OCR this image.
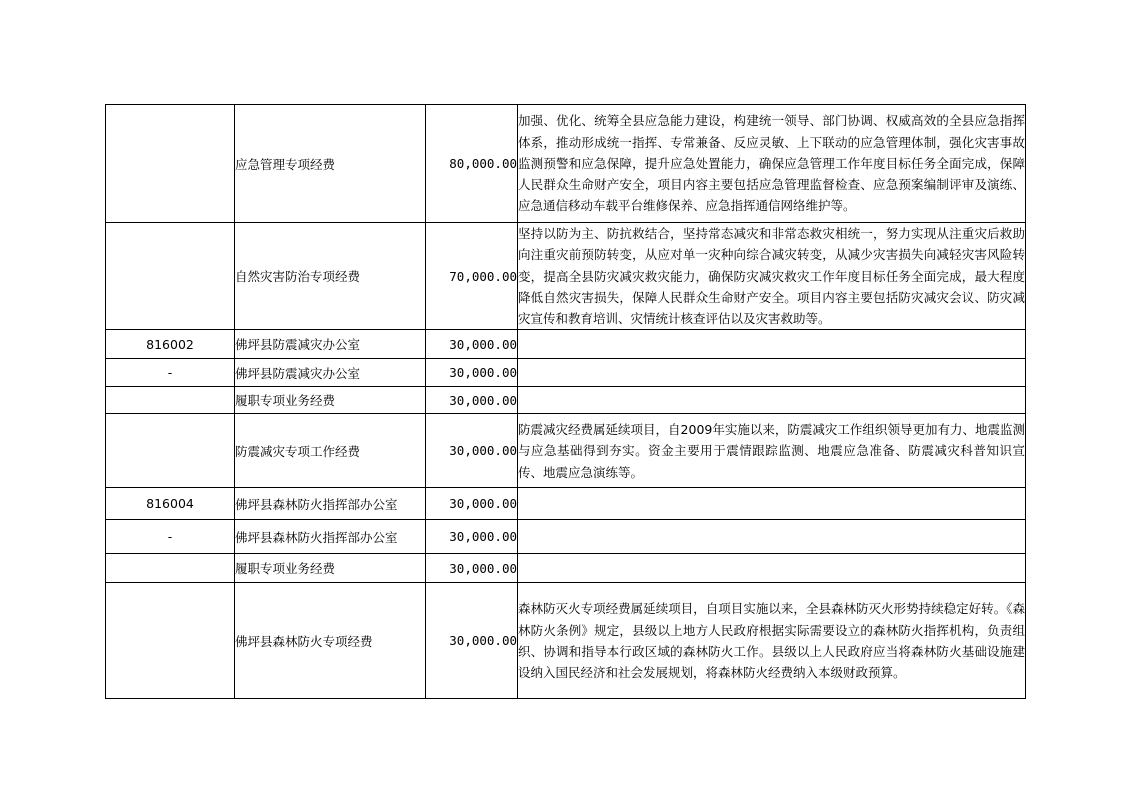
	应急管理专项经费	80,000.00	加强、优化、统筹全县应急能力建设，构建统一领导、部门协调、权威高效的全县应急指挥体系，推动形成统一指挥、专常兼备、反应灵敏、上下联动的应急管理体制，强化灾害事故监测预警和应急保障，提升应急处置能力，确保应急管理工作年度目标任务全面完成，保障人民群众生命财产安全，项目内容主要包括应急管理监督检查、应急预案编制评审及演练、应急通信移动车载平台维修保养、应急指挥通信网络维护等。
	自然灾害防治专项经费	70,000.00	坚持以防为主、防抗救结合，坚持常态减灾和非常态救灾相统一，努力实现从注重灾后救助向注重灾前预防转变，从应对单一灾种向综合减灾转变，从减少灾害损失向减轻灾害风险转变，提高全县防灾减灾救灾能力，确保防灾减灾救灾工作年度目标任务全面完成，最大程度降低自然灾害损失，保障人民群众生命财产安全。项目内容主要包括防灾减灾会议、防灾减灾宣传和教育培训、灾情统计核查评估以及灾害救助等。
816002	佛坪县防震减灾办公室	30,000.00	
-	佛坪县防震减灾办公室	30,000.00	
	履职专项业务经费	30,000.00	
	防震减灾专项工作经费	30,000.00	防震减灾经费属延续项目，自2009年实施以来，防震减灾工作组织领导更加有力、地震监测与应急基础得到夯实。资金主要用于震情跟踪监测、地震应急准备、防震减灾科普知识宣传、地震应急演练等。
816004	佛坪县森林防火指挥部办公室	30,000.00	
-	佛坪县森林防火指挥部办公室	30,000.00	
	履职专项业务经费	30,000.00	
	佛坪县森林防火专项经费	30,000.00	森林防灭火专项经费属延续项目，自项目实施以来，全县森林防灭火形势持续稳定好转。《森林防火条例》规定，县级以上地方人民政府根据实际需要设立的森林防火指挥机构，负责组织、协调和指导本行政区域的森林防火工作。县级以上人民政府应当将森林防火基础设施建设纳入国民经济和社会发展规划，将森林防火经费纳入本级财政预算。
